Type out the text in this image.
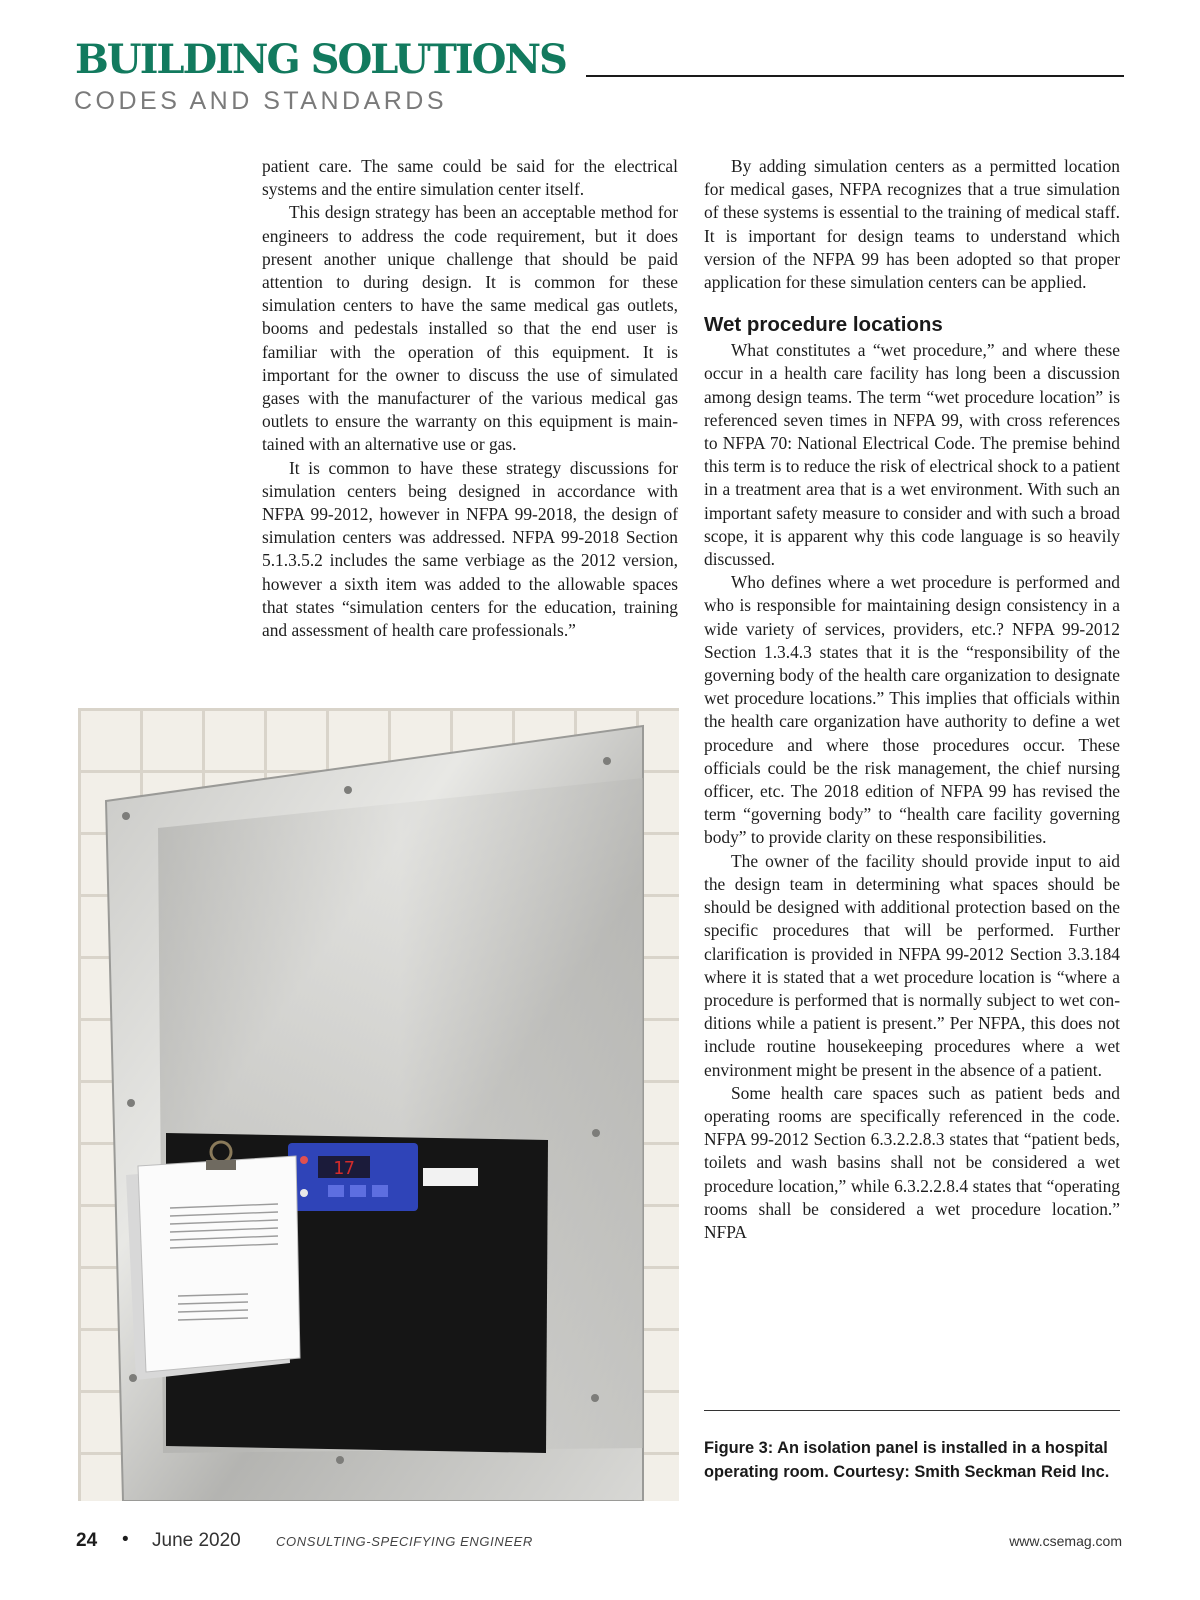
BUILDING SOLUTIONS
CODES AND STANDARDS

patient care. The same could be said for the electrical systems and the entire simulation center itself.

This design strategy has been an acceptable method for engineers to address the code requirement, but it does present another unique challenge that should be paid attention to during design. It is common for these simulation centers to have the same medical gas outlets, booms and pedestals installed so that the end user is familiar with the operation of this equipment. It is important for the owner to discuss the use of simulated gases with the manufacturer of the various medical gas outlets to ensure the warranty on this equipment is maintained with an alternative use or gas.

It is common to have these strategy discussions for simulation centers being designed in accordance with NFPA 99-2012, however in NFPA 99-2018, the design of simulation centers was addressed. NFPA 99-2018 Section 5.1.3.5.2 includes the same verbiage as the 2012 version, however a sixth item was added to the allowable spaces that states “simulation centers for the education, training and assessment of health care professionals.”

By adding simulation centers as a permitted location for medical gases, NFPA recognizes that a true simulation of these systems is essential to the training of medical staff. It is important for design teams to understand which version of the NFPA 99 has been adopted so that proper application for these simulation centers can be applied.

Wet procedure locations

What constitutes a “wet procedure,” and where these occur in a health care facility has long been a discussion among design teams. The term “wet procedure location” is referenced seven times in NFPA 99, with cross references to NFPA 70: National Electrical Code. The premise behind this term is to reduce the risk of electrical shock to a patient in a treatment area that is a wet environment. With such an important safety measure to consider and with such a broad scope, it is apparent why this code language is so heavily discussed.

Who defines where a wet procedure is performed and who is responsible for maintaining design consistency in a wide variety of services, providers, etc.? NFPA 99-2012 Section 1.3.4.3 states that it is the “responsibility of the governing body of the health care organization to designate wet procedure locations.” This implies that officials within the health care organization have authority to define a wet procedure and where those procedures occur. These officials could be the risk management, the chief nursing officer, etc. The 2018 edition of NFPA 99 has revised the term “governing body” to “health care facility governing body” to provide clarity on these responsibilities.

The owner of the facility should provide input to aid the design team in determining what spaces should be should be designed with additional protection based on the specific procedures that will be performed. Further clarification is provided in NFPA 99-2012 Section 3.3.184 where it is stated that a wet procedure location is “where a procedure is performed that is normally subject to wet conditions while a patient is present.” Per NFPA, this does not include routine housekeeping procedures where a wet environment might be present in the absence of a patient.

Some health care spaces such as patient beds and operating rooms are specifically referenced in the code. NFPA 99-2012 Section 6.3.2.2.8.3 states that “patient beds, toilets and wash basins shall not be considered a wet procedure location,” while 6.3.2.2.8.4 states that “operating rooms shall be considered a wet procedure location.” NFPA

17
Figure 3: An isolation panel is installed in a hospital operating room. Courtesy: Smith Seckman Reid Inc.
24 • June 2020	CONSULTING-SPECIFYING ENGINEER	www.csemag.com
